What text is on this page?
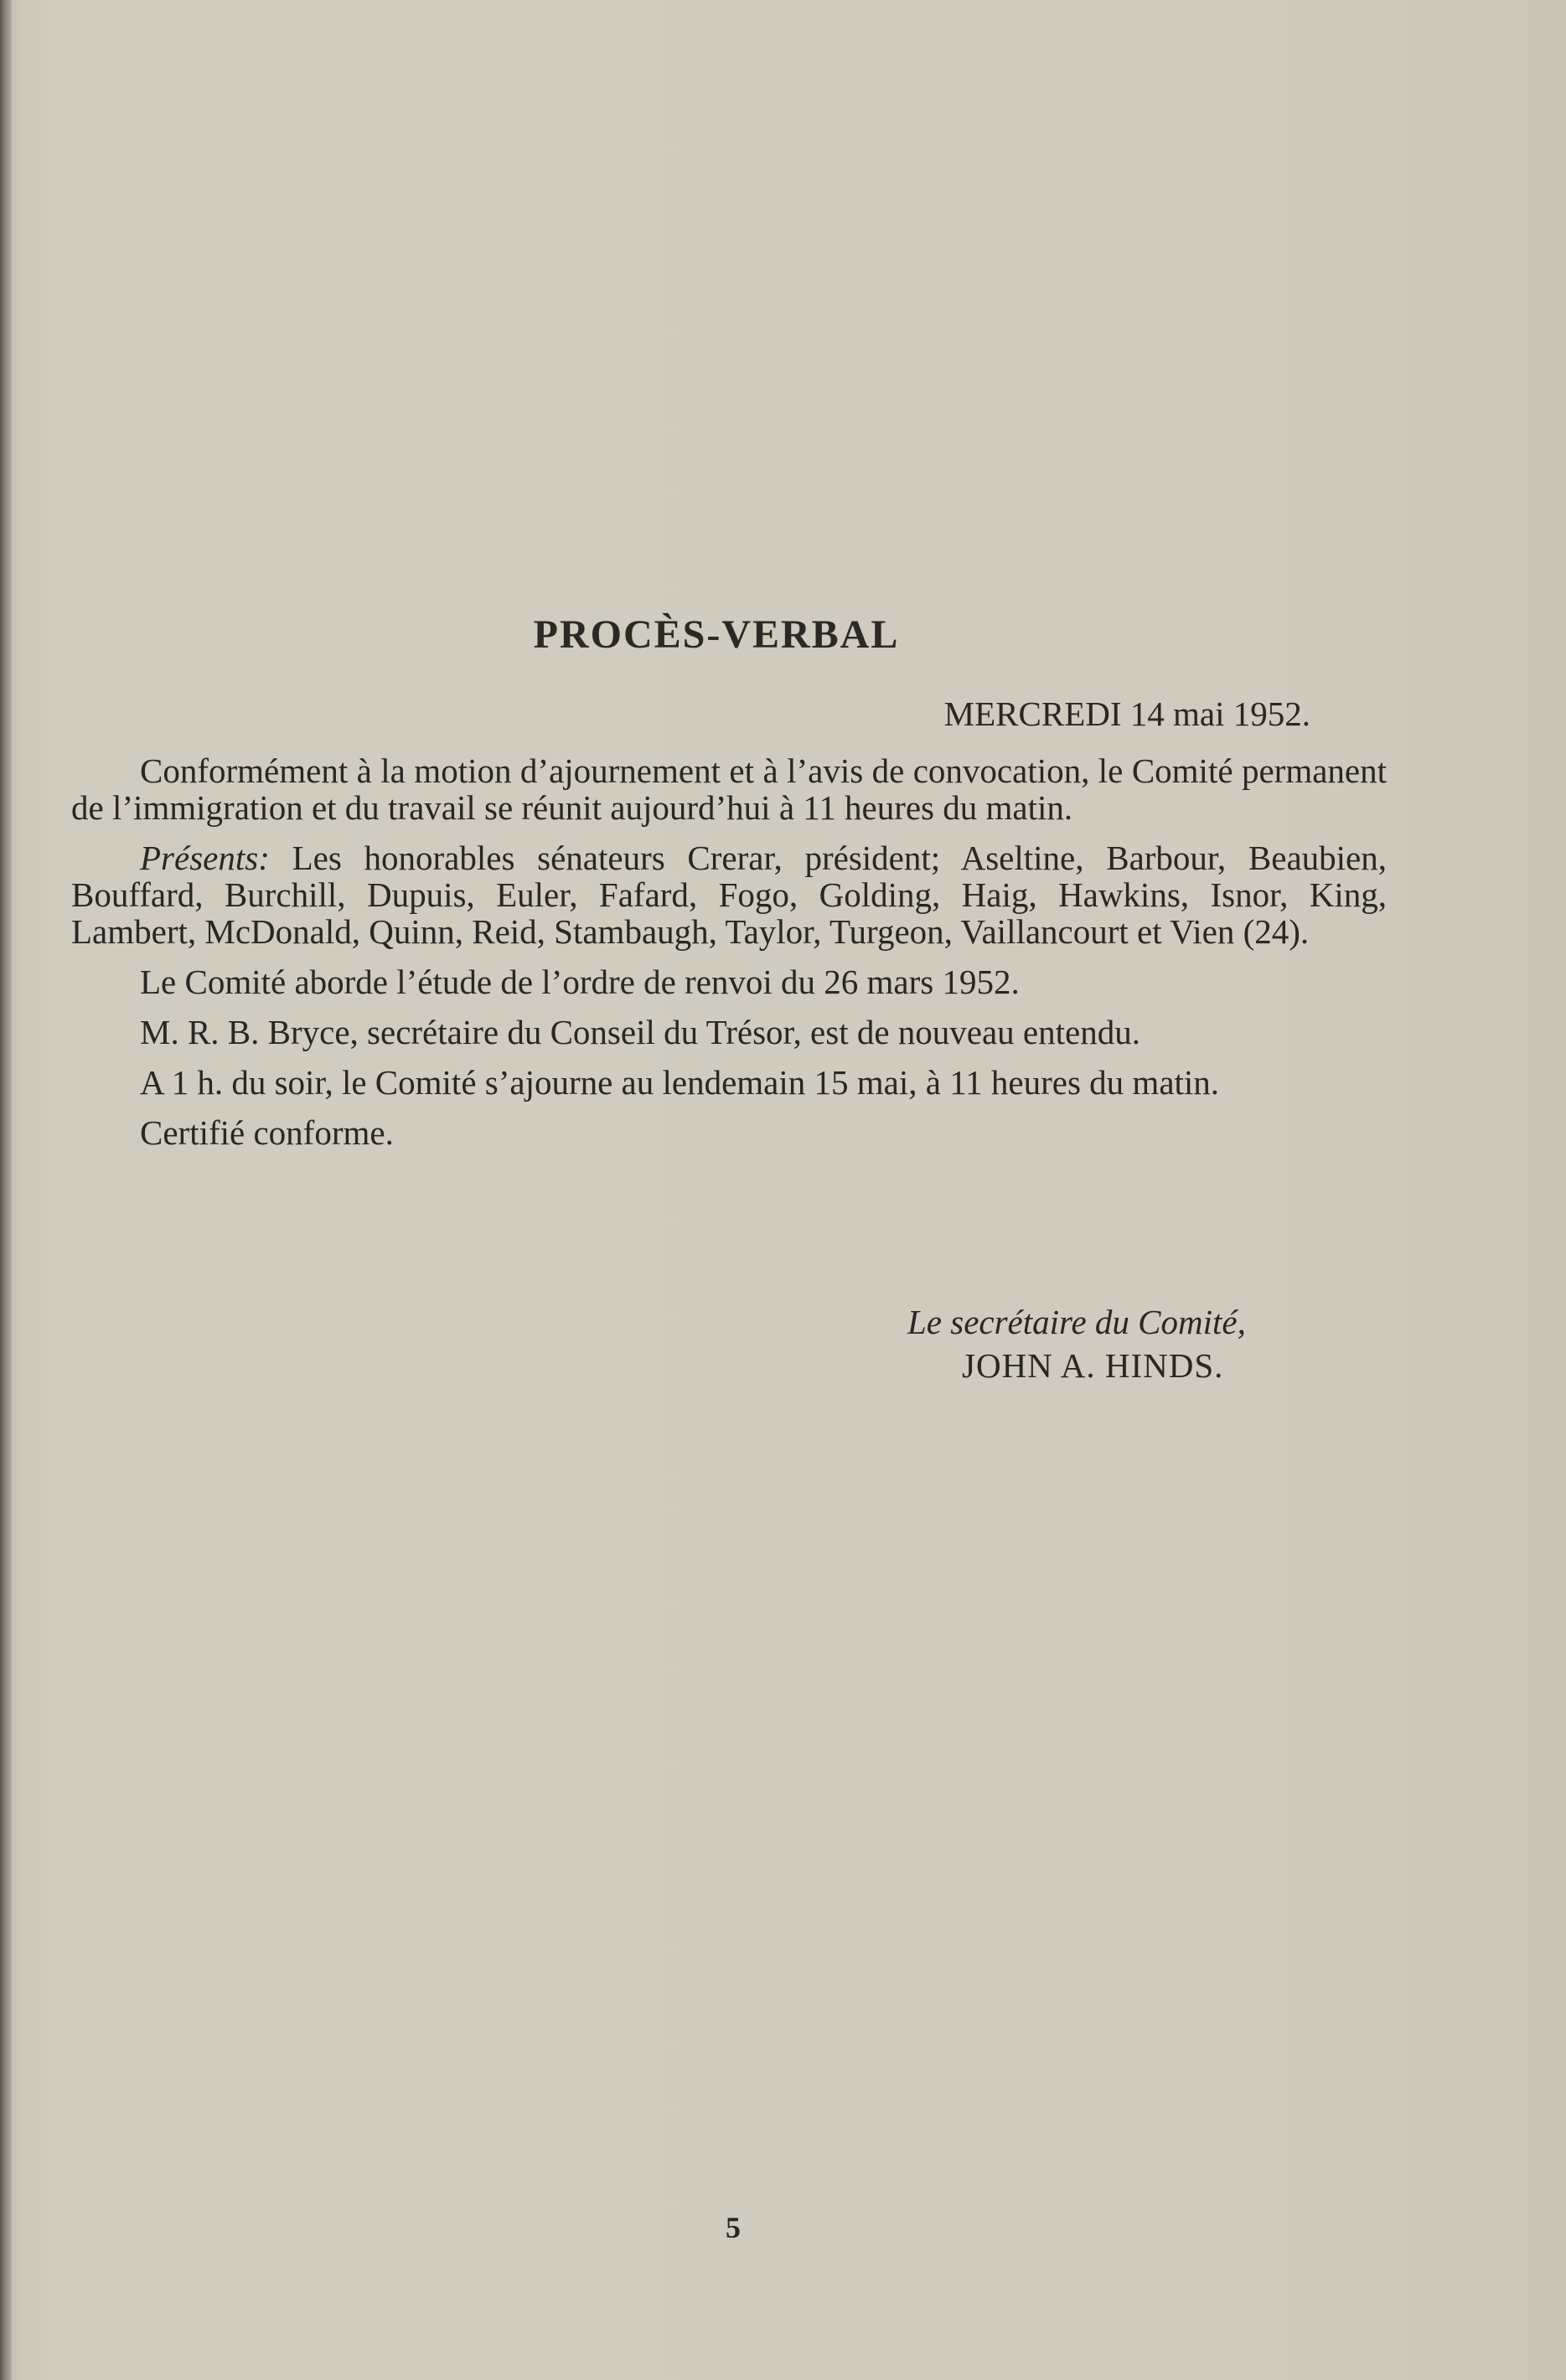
PROCÈS-VERBAL
MERCREDI 14 mai 1952.

Conformément à la motion d’ajournement et à l’avis de convocation, le Comité permanent de l’immigration et du travail se réunit aujourd’hui à 11 heures du matin.

Présents: Les honorables sénateurs Crerar, président; Aseltine, Barbour, Beaubien, Bouffard, Burchill, Dupuis, Euler, Fafard, Fogo, Golding, Haig, Hawkins, Isnor, King, Lambert, McDonald, Quinn, Reid, Stambaugh, Taylor, Turgeon, Vaillancourt et Vien (24).

Le Comité aborde l’étude de l’ordre de renvoi du 26 mars 1952.

M. R. B. Bryce, secrétaire du Conseil du Trésor, est de nouveau entendu.

A 1 h. du soir, le Comité s’ajourne au lendemain 15 mai, à 11 heures du matin.

Certifié conforme.

Le secrétaire du Comité,
JOHN A. HINDS.
5
